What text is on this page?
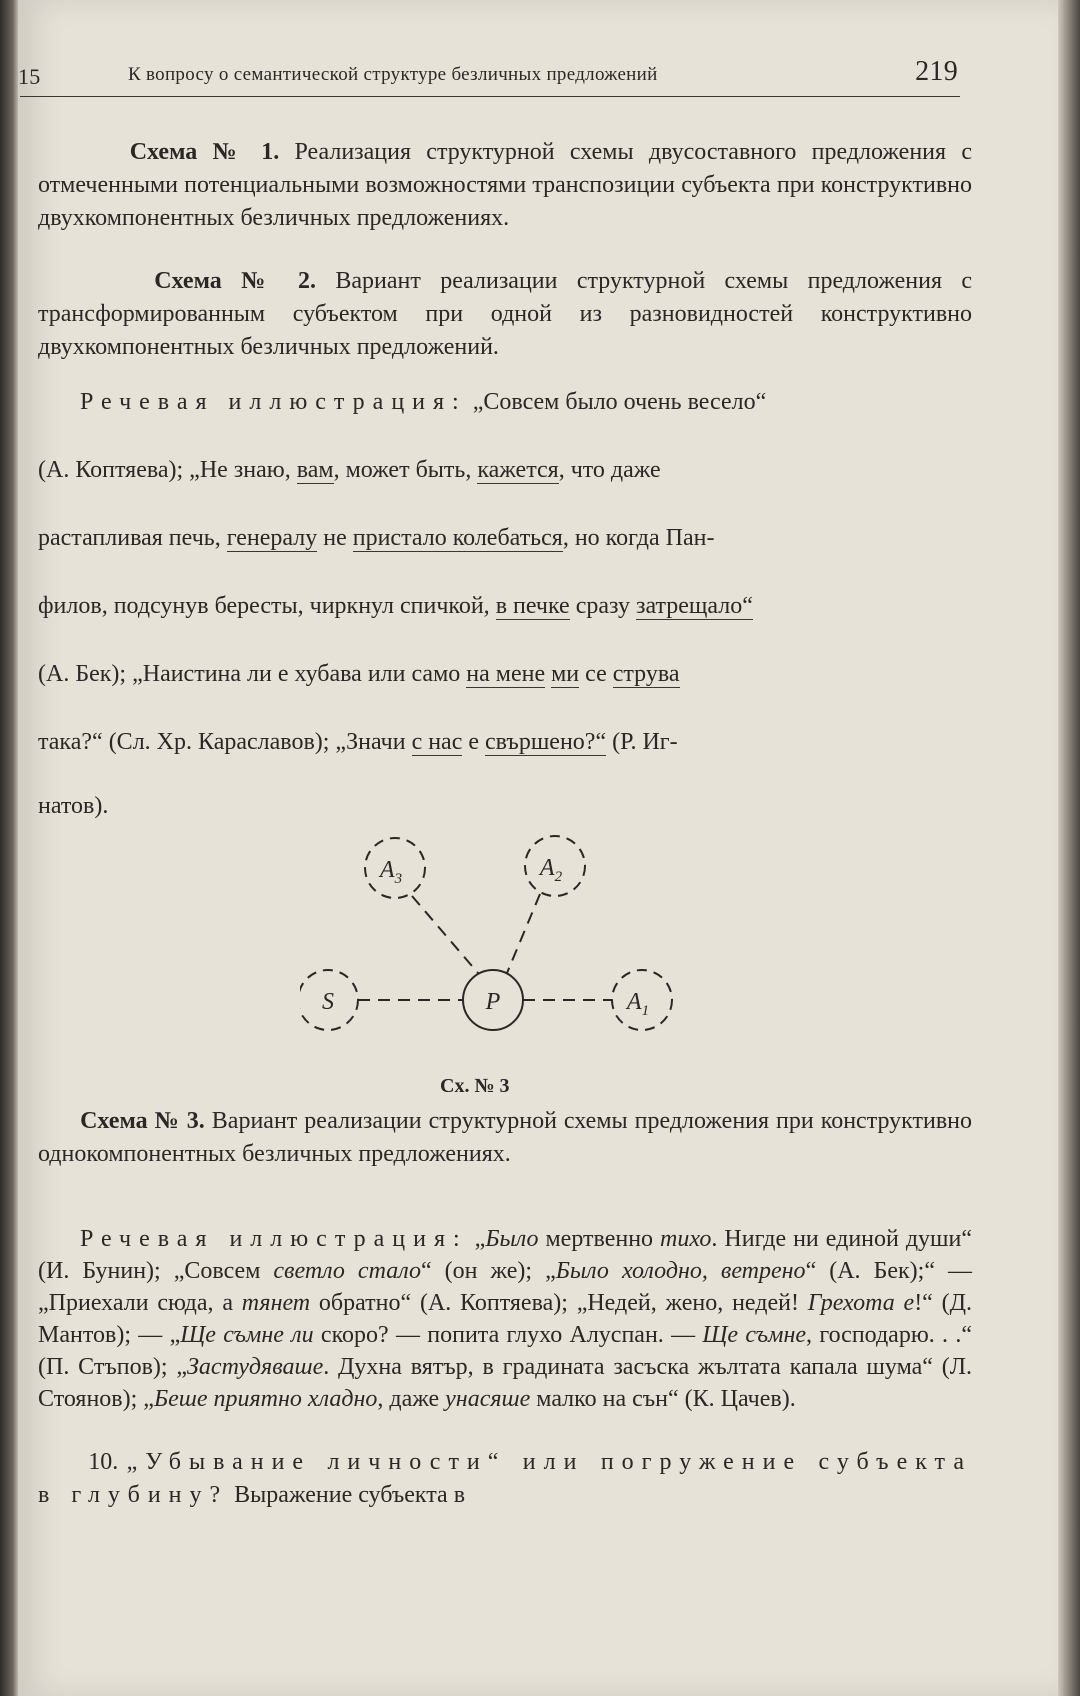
15	К вопросу о семантической структуре безличных предложений	219
Схема № 1. Реализация структурной схемы двусоставного предложения с отмеченными потенциальными возможностями транспозиции субъекта при конструктивно двухкомпонентных безличных предложениях.
Схема № 2. Вариант реализации структурной схемы предложения с трансформированным субъектом при одной из разновидностей конструктивно двухкомпонентных безличных предложений.
Речевая иллюстрация: „Совсем было очень весело“
(А. Коптяева); „Не знаю, вам, может быть, кажется, что даже
растапливая печь, генералу не пристало колебаться, но когда Пан-
филов, подсунув бересты, чиркнул спичкой, в печке сразу затрещало“
(А. Бек); „Наистина ли е хубава или само на мене ми се струва
така?“ (Сл. Хр. Караславов); „Значи с нас е свършено?“ (Р. Иг-
натов).
$A_3$	$A_2$
S	P	$A_1$
Сх. № 3
Схема № 3. Вариант реализации структурной схемы предложения при конструктивно однокомпонентных безличных предложениях.
Речевая иллюстрация: „Было мертвенно тихо. Нигде ни единой души“ (И. Бунин); „Совсем светло стало“ (он же); „Было холодно, ветрено“ (А. Бек);“ — „Приехали сюда, а тянет обратно“ (А. Коптяева); „Недей, жено, недей! Грехота е!“ (Д. Мантов); — „Ще съмне ли скоро? — попита глухо Алуспан. — Ще съмне, господарю. . .“ (П. Стъпов); „Застудяваше. Духна вятър, в градината засъска жълтата капала шума“ (Л. Стоянов); „Беше приятно хладно, даже унасяше малко на сън“ (К. Цачев).
10. „Убывание личности“ или погружение субъекта в глубину? Выражение субъекта в
